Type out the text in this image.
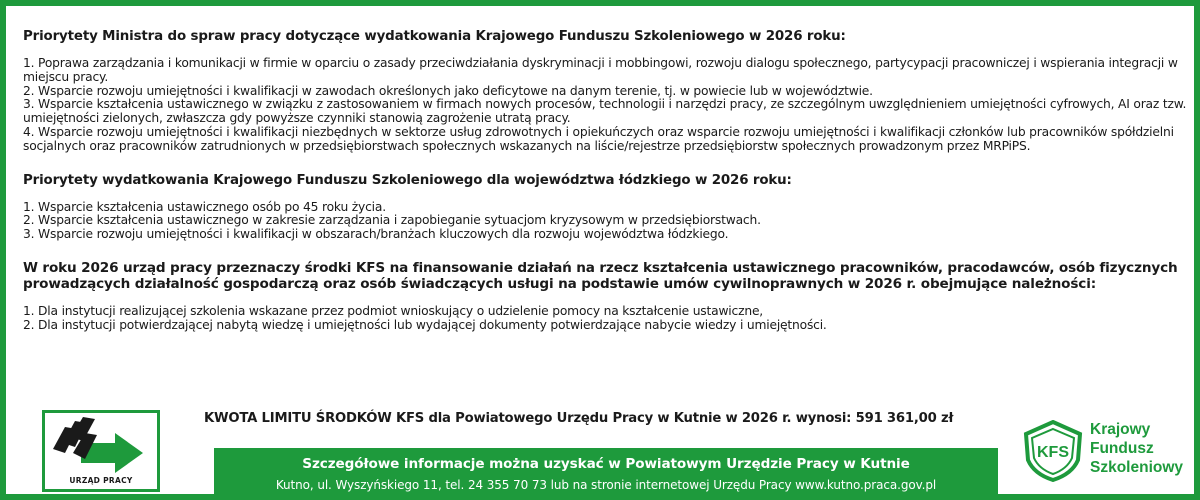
Priorytety Ministra do spraw pracy dotyczące wydatkowania Krajowego Funduszu Szkoleniowego w 2026 roku:
1. Poprawa zarządzania i komunikacji w firmie w oparciu o zasady przeciwdziałania dyskryminacji i mobbingowi, rozwoju dialogu społecznego, partycypacji pracowniczej i wspierania integracji w miejscu pracy.
2. Wsparcie rozwoju umiejętności i kwalifikacji w zawodach określonych jako deficytowe na danym terenie, tj. w powiecie lub w województwie.
3. Wsparcie kształcenia ustawicznego w związku z zastosowaniem w firmach nowych procesów, technologii i narzędzi pracy, ze szczególnym uwzględnieniem umiejętności cyfrowych, AI oraz tzw. umiejętności zielonych, zwłaszcza gdy powyższe czynniki stanowią zagrożenie utratą pracy.
4. Wsparcie rozwoju umiejętności i kwalifikacji niezbędnych w sektorze usług zdrowotnych i opiekuńczych oraz wsparcie rozwoju umiejętności i kwalifikacji członków lub pracowników spółdzielni socjalnych oraz pracowników zatrudnionych w przedsiębiorstwach społecznych wskazanych na liście/rejestrze przedsiębiorstw społecznych prowadzonym przez MRPiPS.
Priorytety wydatkowania Krajowego Funduszu Szkoleniowego dla województwa łódzkiego w 2026 roku:
1. Wsparcie kształcenia ustawicznego osób po 45 roku życia.
2. Wsparcie kształcenia ustawicznego w zakresie zarządzania i zapobieganie sytuacjom kryzysowym w przedsiębiorstwach.
3. Wsparcie rozwoju umiejętności i kwalifikacji w obszarach/branżach kluczowych dla rozwoju województwa łódzkiego.
W roku 2026 urząd pracy przeznaczy środki KFS na finansowanie działań na rzecz kształcenia ustawicznego pracowników, pracodawców, osób fizycznych prowadzących działalność gospodarczą oraz osób świadczących usługi na podstawie umów cywilnoprawnych w 2026 r. obejmujące należności:
1. Dla instytucji realizującej szkolenia wskazane przez podmiot wnioskujący o udzielenie pomocy na kształcenie ustawiczne,
2. Dla instytucji potwierdzającej nabytą wiedzę i umiejętności lub wydającej dokumenty potwierdzające nabycie wiedzy i umiejętności.
URZĄD PRACY
KWOTA LIMITU ŚRODKÓW KFS dla Powiatowego Urzędu Pracy w Kutnie w 2026 r. wynosi: 591 361,00 zł
Szczegółowe informacje można uzyskać w Powiatowym Urzędzie Pracy w Kutnie
Kutno, ul. Wyszyńskiego 11, tel. 24 355 70 73 lub na stronie internetowej Urzędu Pracy www.kutno.praca.gov.pl
KFS
Krajowy
Fundusz
Szkoleniowy
